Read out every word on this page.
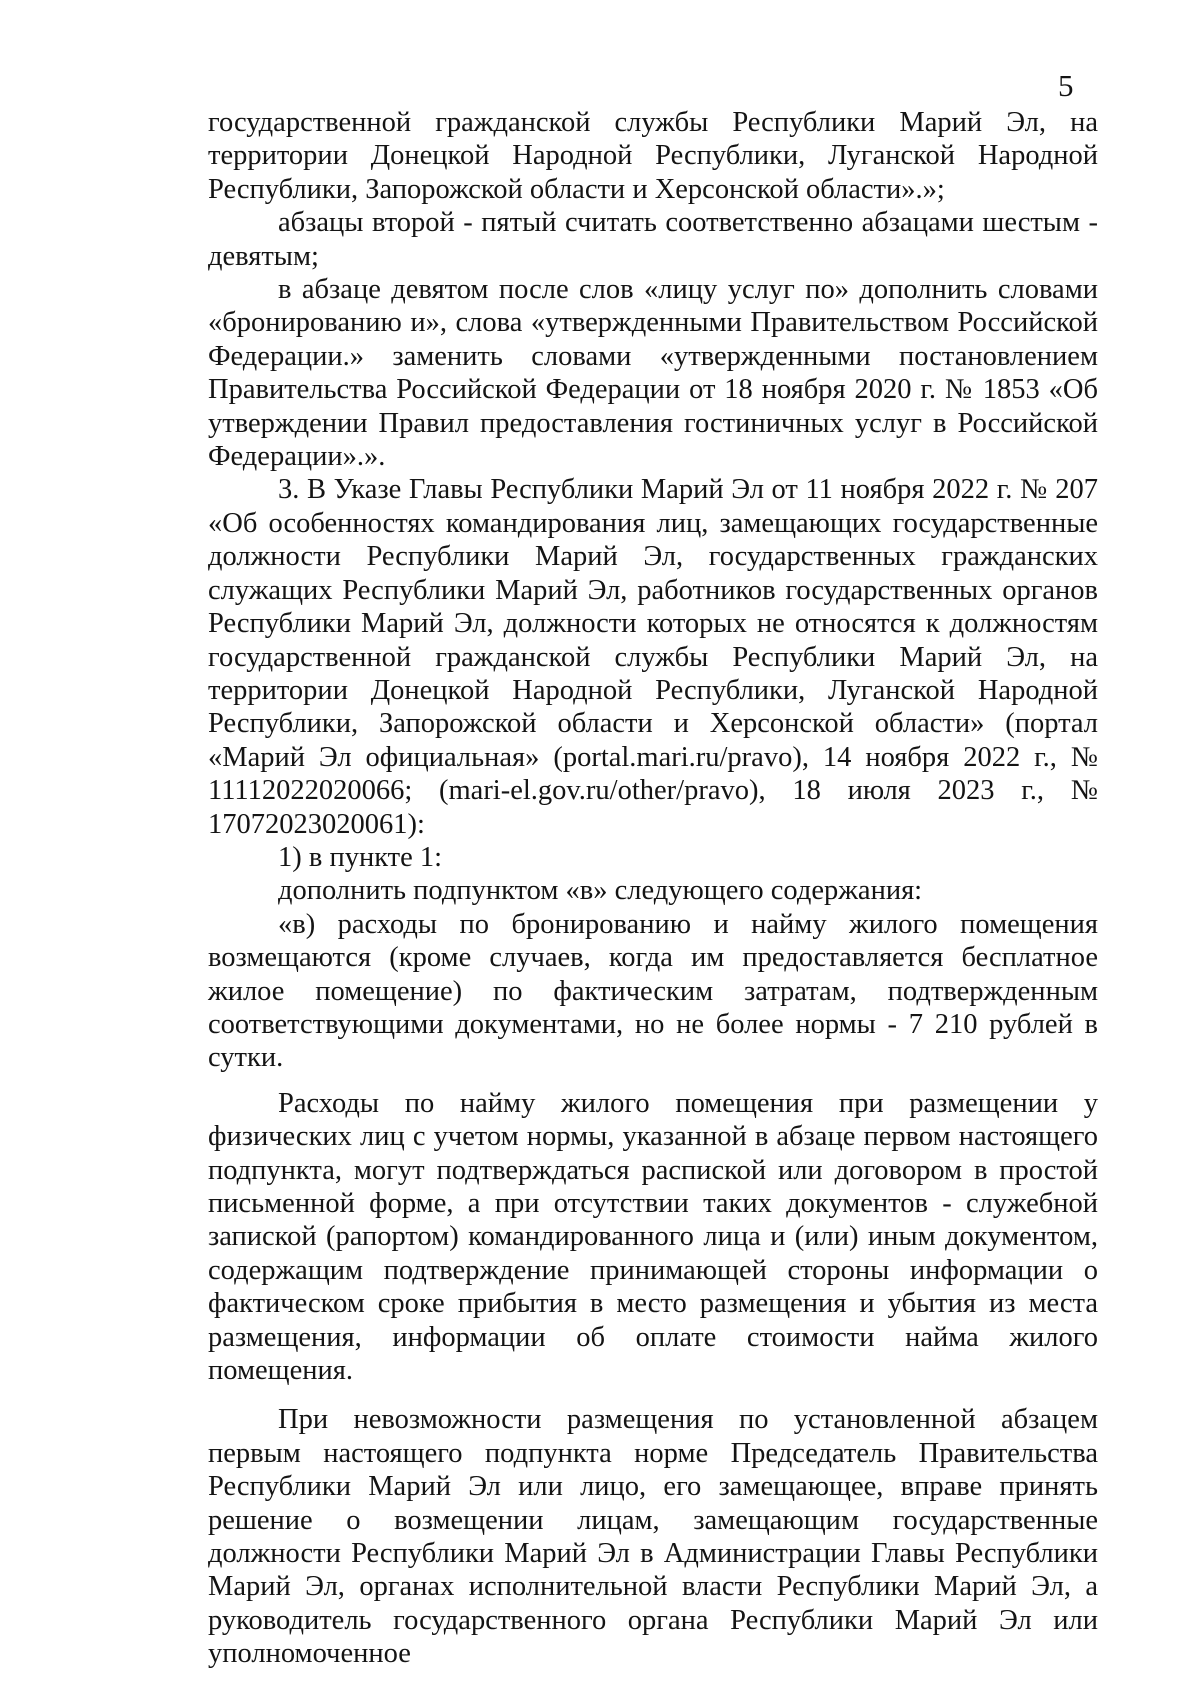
5

государственной гражданской службы Республики Марий Эл, на территории Донецкой Народной Республики, Луганской Народной Республики, Запорожской области и Херсонской области».»;

абзацы второй - пятый считать соответственно абзацами шестым - девятым;

в абзаце девятом после слов «лицу услуг по» дополнить словами «бронированию и», слова «утвержденными Правительством Российской Федерации.» заменить словами «утвержденными постановлением Правительства Российской Федерации от 18 ноября 2020 г. № 1853 «Об утверждении Правил предоставления гостиничных услуг в Российской Федерации».».

3. В Указе Главы Республики Марий Эл от 11 ноября 2022 г. № 207 «Об особенностях командирования лиц, замещающих государственные должности Республики Марий Эл, государственных гражданских служащих Республики Марий Эл, работников государственных органов Республики Марий Эл, должности которых не относятся к должностям государственной гражданской службы Республики Марий Эл, на территории Донецкой Народной Республики, Луганской Народной Республики, Запорожской области и Херсонской области» (портал «Марий Эл официальная» (portal.mari.ru/pravo), 14 ноября 2022 г., № 11112022020066; (mari-el.gov.ru/other/pravo), 18 июля 2023 г., № 17072023020061):

1) в пункте 1:

дополнить подпунктом «в» следующего содержания:

«в) расходы по бронированию и найму жилого помещения возмещаются (кроме случаев, когда им предоставляется бесплатное жилое помещение) по фактическим затратам, подтвержденным соответствующими документами, но не более нормы - 7 210 рублей в сутки.

Расходы по найму жилого помещения при размещении у физических лиц с учетом нормы, указанной в абзаце первом настоящего подпункта, могут подтверждаться распиской или договором в простой письменной форме, а при отсутствии таких документов - служебной запиской (рапортом) командированного лица и (или) иным документом, содержащим подтверждение принимающей стороны информации о фактическом сроке прибытия в место размещения и убытия из места размещения, информации об оплате стоимости найма жилого помещения.

При невозможности размещения по установленной абзацем первым настоящего подпункта норме Председатель Правительства Республики Марий Эл или лицо, его замещающее, вправе принять решение о возмещении лицам, замещающим государственные должности Республики Марий Эл в Администрации Главы Республики Марий Эл, органах исполнительной власти Республики Марий Эл, а руководитель государственного органа Республики Марий Эл или уполномоченное
